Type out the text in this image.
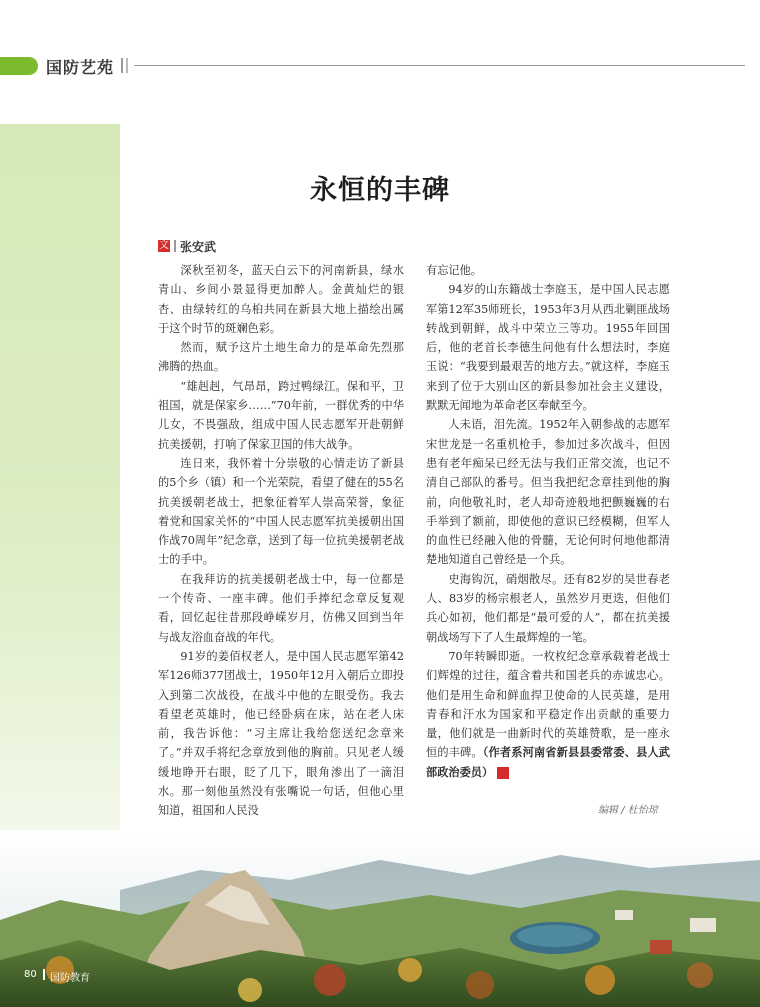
国防艺苑
永恒的丰碑
文 张安武

深秋至初冬，蓝天白云下的河南新县，绿水青山、乡间小景显得更加醉人。金黄灿烂的银杏、由绿转红的乌桕共同在新县大地上描绘出属于这个时节的斑斓色彩。

然而，赋予这片土地生命力的是革命先烈那沸腾的热血。

“雄赳赳，气昂昂，跨过鸭绿江。保和平，卫祖国，就是保家乡……”70年前，一群优秀的中华儿女，不畏强敌，组成中国人民志愿军开赴朝鲜抗美援朝，打响了保家卫国的伟大战争。

连日来，我怀着十分崇敬的心情走访了新县的5个乡（镇）和一个光荣院，看望了健在的55名抗美援朝老战士，把象征着军人崇高荣誉，象征着党和国家关怀的“中国人民志愿军抗美援朝出国作战70周年”纪念章，送到了每一位抗美援朝老战士的手中。

在我拜访的抗美援朝老战士中，每一位都是一个传奇、一座丰碑。他们手捧纪念章反复观看，回忆起往昔那段峥嵘岁月，仿佛又回到当年与战友浴血奋战的年代。

91岁的姜佰权老人，是中国人民志愿军第42军126师377团战士，1950年12月入朝后立即投入到第二次战役，在战斗中他的左眼受伤。我去看望老英雄时，他已经卧病在床，站在老人床前，我告诉他：“习主席让我给您送纪念章来了。”并双手将纪念章放到他的胸前。只见老人缓缓地睁开右眼，眨了几下，眼角渗出了一滴泪水。那一刻他虽然没有张嘴说一句话，但他心里知道，祖国和人民没

有忘记他。

94岁的山东籍战士李庭玉，是中国人民志愿军第12军35师班长，1953年3月从西北剿匪战场转战到朝鲜，战斗中荣立三等功。1955年回国后，他的老首长李德生问他有什么想法时，李庭玉说：“我要到最艰苦的地方去。”就这样，李庭玉来到了位于大别山区的新县参加社会主义建设，默默无闻地为革命老区奉献至今。

人未语，泪先流。1952年入朝参战的志愿军宋世龙是一名重机枪手，参加过多次战斗，但因患有老年痴呆已经无法与我们正常交流，也记不清自己部队的番号。但当我把纪念章挂到他的胸前，向他敬礼时，老人却奇迹般地把颤巍巍的右手举到了额前，即使他的意识已经模糊，但军人的血性已经融入他的骨髓，无论何时何地他都清楚地知道自己曾经是一个兵。

史海钩沉，硝烟散尽。还有82岁的吴世春老人、83岁的杨宗根老人，虽然岁月更迭，但他们兵心如初，他们都是“最可爱的人”，都在抗美援朝战场写下了人生最辉煌的一笔。

70年转瞬即逝。一枚枚纪念章承载着老战士们辉煌的过往，蕴含着共和国老兵的赤诚忠心。他们是用生命和鲜血捍卫使命的人民英雄，是用青春和汗水为国家和平稳定作出贡献的重要力量，他们就是一曲新时代的英雄赞歌，是一座永恒的丰碑。（作者系河南省新县县委常委、县人武部政治委员）	G

编辑 / 杜怡琼
80 国防教育
